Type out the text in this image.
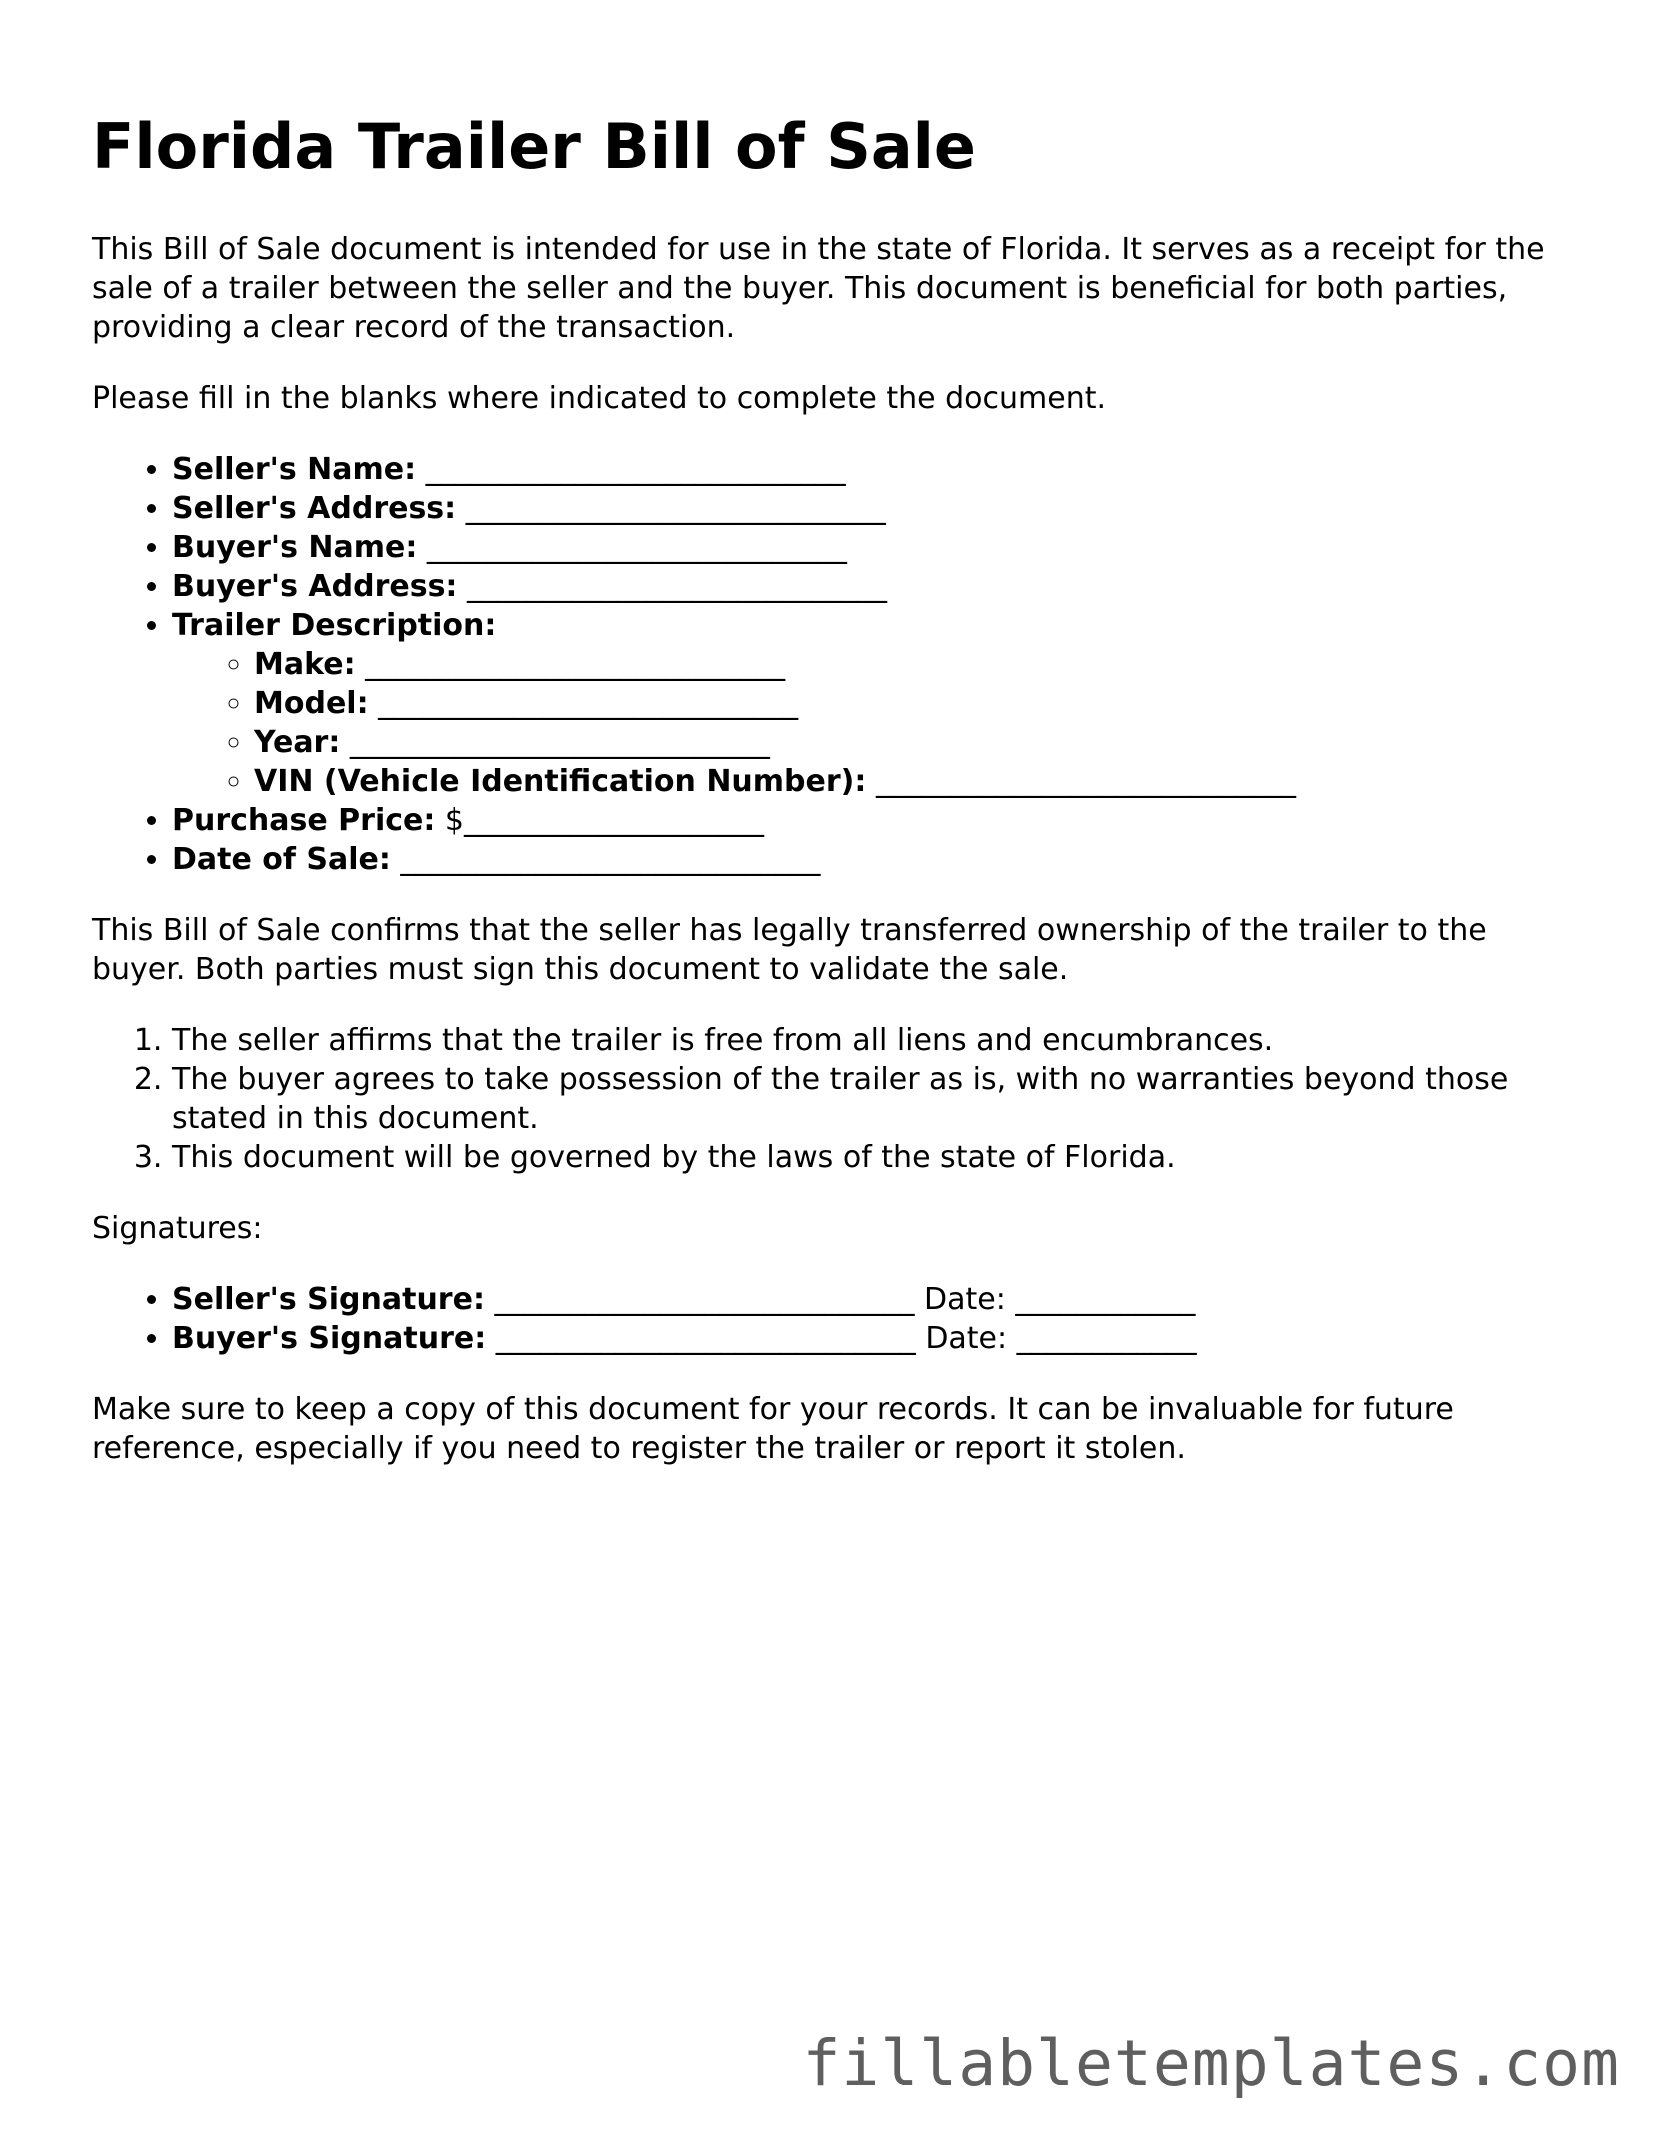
Florida Trailer Bill of Sale

This Bill of Sale document is intended for use in the state of Florida. It serves as a receipt for the sale of a trailer between the seller and the buyer. This document is beneficial for both parties, providing a clear record of the transaction.

Please fill in the blanks where indicated to complete the document.

• Seller's Name: ____________________________
• Seller's Address: ____________________________
• Buyer's Name: ____________________________
• Buyer's Address: ____________________________
• Trailer Description:
◦ Make: ____________________________
◦ Model: ____________________________
◦ Year: ____________________________
◦ VIN (Vehicle Identification Number): ____________________________
• Purchase Price: $____________________
• Date of Sale: ____________________________

This Bill of Sale confirms that the seller has legally transferred ownership of the trailer to the buyer. Both parties must sign this document to validate the sale.

1. The seller affirms that the trailer is free from all liens and encumbrances.
2. The buyer agrees to take possession of the trailer as is, with no warranties beyond those stated in this document.
3. This document will be governed by the laws of the state of Florida.

Signatures:

• Seller's Signature: ____________________________ Date: ____________
• Buyer's Signature: ____________________________ Date: ____________

Make sure to keep a copy of this document for your records. It can be invaluable for future reference, especially if you need to register the trailer or report it stolen.

fillabletemplates.com
